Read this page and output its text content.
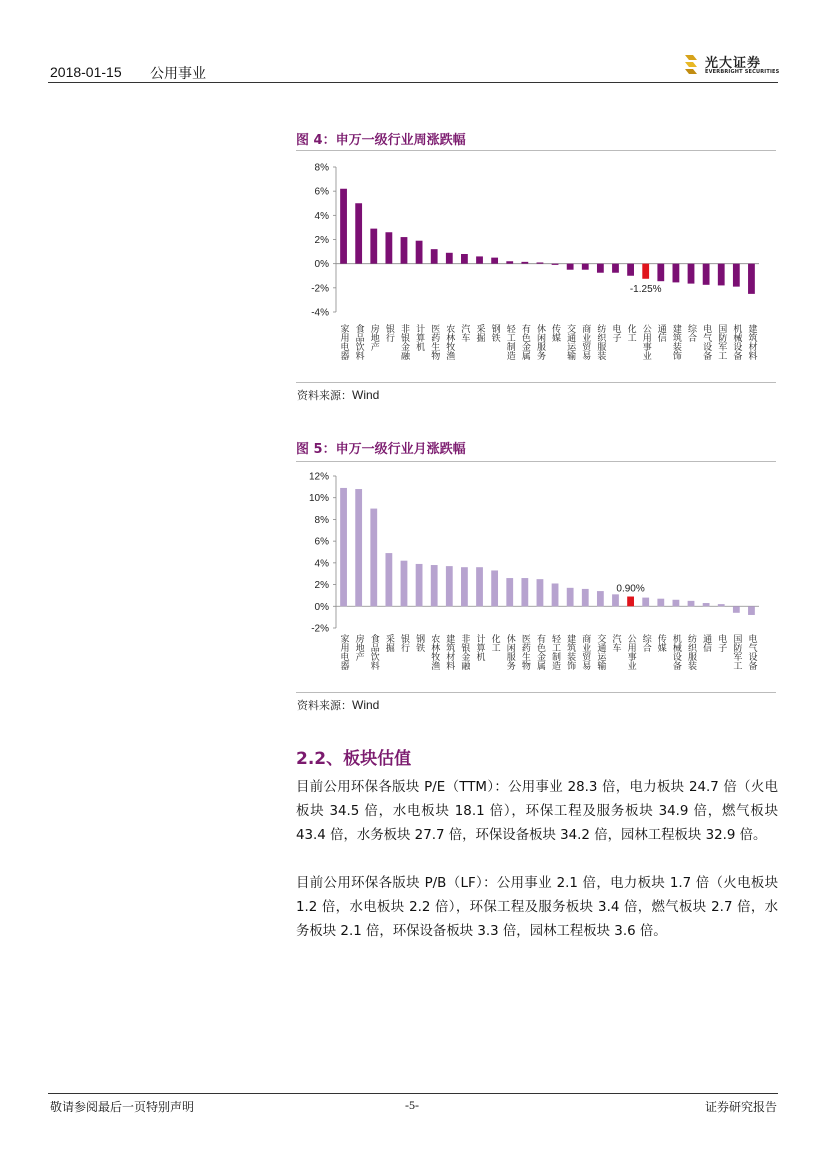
2018-01-15 公用事业
光大证券
EVERBRIGHT SECURITIES
图 4：申万一级行业周涨跌幅
8%
6%
4%
2%
0%
-2%
-4%
家用电器 食品饮料 房地产 银行 非银金融 计算机 医药生物 农林牧渔 汽车 采掘 钢铁 轻工制造 有色金属 休闲服务 传媒 交通运输 商业贸易 纺织服装 电子 化工
-1.25%
公用事业 通信 建筑装饰 综合 电气设备 国防军工 机械设备 建筑材料
资料来源：Wind
图 5：申万一级行业月涨跌幅
12%
10%
8%
6%
4%
2%
0%
-2%
家用电器 房地产 食品饮料 采掘 银行 钢铁 农林牧渔 建筑材料 非银金融 计算机 化工 休闲服务 医药生物 有色金属 轻工制造 建筑装饰 商业贸易 交通运输 汽车
0.90%
公用事业 综合 传媒 机械设备 纺织服装 通信 电子 国防军工 电气设备
资料来源：Wind
2.2、板块估值
目前公用环保各版块 P/E（TTM）：公用事业 28.3 倍，电力板块 24.7 倍（火电板块 34.5 倍，水电板块 18.1 倍），环保工程及服务板块 34.9 倍，燃气板块 43.4 倍，水务板块 27.7 倍，环保设备板块 34.2 倍，园林工程板块 32.9 倍。
目前公用环保各版块 P/B（LF）：公用事业 2.1 倍，电力板块 1.7 倍（火电板块 1.2 倍，水电板块 2.2 倍），环保工程及服务板块 3.4 倍，燃气板块 2.7 倍，水务板块 2.1 倍，环保设备板块 3.3 倍，园林工程板块 3.6 倍。
敬请参阅最后一页特别声明	-5-	证券研究报告
